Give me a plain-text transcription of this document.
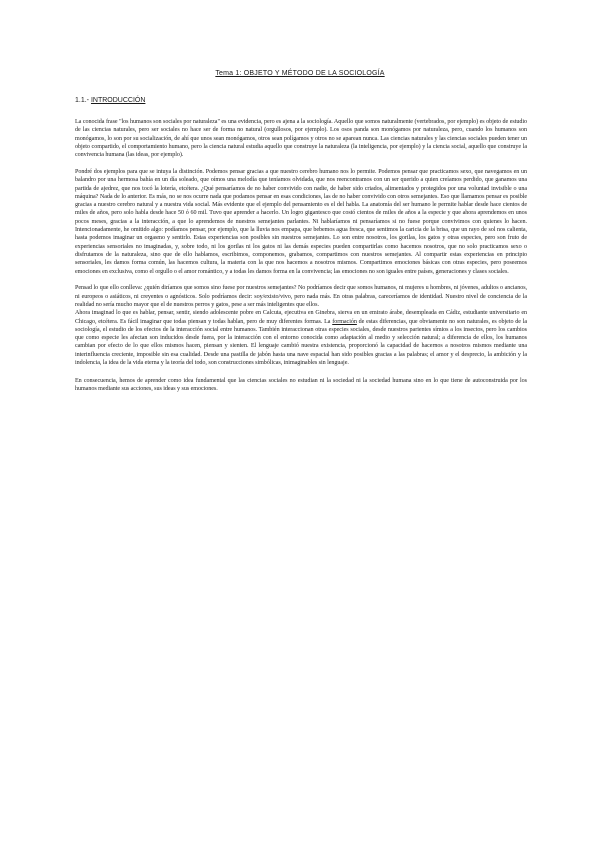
Tema 1: OBJETO Y MÉTODO DE LA SOCIOLOGÍA
1.1.- INTRODUCCIÓN

La conocida frase "los humanos son sociales por naturaleza" es una evidencia, pero es ajena a la sociología. Aquello que somos naturalmente (vertebrados, por ejemplo) es objeto de estudio de las ciencias naturales, pero ser sociales no hace ser de forma no natural (orgullosos, por ejemplo). Los osos panda son monógamos por naturaleza, pero, cuando los humanos son monógamos, lo son por su socialización, de ahí que unos sean monógamos, otros sean polígamos y otros no se aparean nunca. Las ciencias naturales y las ciencias sociales pueden tener un objeto compartido, el comportamiento humano, pero la ciencia natural estudia aquello que construye la naturaleza (la inteligencia, por ejemplo) y la ciencia social, aquello que construye la convivencia humana (las ideas, por ejemplo).

Pondré dos ejemplos para que se intuya la distinción. Podemos pensar gracias a que nuestro cerebro humano nos lo permite. Podemos pensar que practicamos sexo, que navegamos en un balandro por una hermosa bahía en un día soleado, que oímos una melodía que teníamos olvidada, que nos reencontramos con un ser querido a quien creíamos perdido, que ganamos una partida de ajedrez, que nos tocó la lotería, etcétera. ¿Qué pensaríamos de no haber convivido con nadie, de haber sido criados, alimentados y protegidos por una voluntad invisible o una máquina? Nada de lo anterior. Es más, no se nos ocurre nada que podamos pensar en esas condiciones, las de no haber convivido con otros semejantes. Eso que llamamos pensar es posible gracias a nuestro cerebro natural y a nuestra vida social. Más evidente que el ejemplo del pensamiento es el del habla. La anatomía del ser humano le permite hablar desde hace cientos de miles de años, pero solo habla desde hace 50 ó 60 mil. Tuvo que aprender a hacerlo. Un logro gigantesco que costó cientos de miles de años a la especie y que ahora aprendemos en unos pocos meses, gracias a la interacción, a que lo aprendemos de nuestros semejantes parlantes. Ni hablaríamos ni pensaríamos si no fuese porque convivimos con quienes lo hacen. Intencionadamente, he omitido algo: podíamos pensar, por ejemplo, que la lluvia nos empapa, que bebemos agua fresca, que sentimos la caricia de la brisa, que un rayo de sol nos calienta, hasta podemos imaginar un orgasmo y sentirlo. Estas experiencias son posibles sin nuestros semejantes. Lo son entre nosotros, los gorilas, los gatos y otras especies, pero son fruto de experiencias sensoriales no imaginadas, y, sobre todo, ni los gorilas ni los gatos ni las demás especies pueden compartirlas como hacemos nosotros, que no solo practicamos sexo o disfrutamos de la naturaleza, sino que de ello hablamos, escribimos, componemos, grabamos, compartimos con nuestros semejantes. Al compartir estas experiencias en principio sensoriales, les damos forma común, las hacemos cultura, la materia con la que nos hacemos a nosotros mismos. Compartimos emociones básicas con otras especies, pero poseemos emociones en exclusiva, como el orgullo o el amor romántico, y a todas les damos forma en la convivencia; las emociones no son iguales entre países, generaciones y clases sociales.

Pensad lo que ello conlleva: ¿quién diríamos que somos sino fuese por nuestros semejantes? No podríamos decir que somos humanos, ni mujeres u hombres, ni jóvenes, adultos o ancianos, ni europeos o asiáticos, ni creyentes o agnósticos. Solo podríamos decir: soy/existo/vivo, pero nada más. En otras palabras, careceríamos de identidad. Nuestro nivel de conciencia de la realidad no sería mucho mayor que el de nuestros perros y gatos, pese a ser más inteligentes que ellos.

Ahora imaginad lo que es hablar, pensar, sentir, siendo adolescente pobre en Calcuta, ejecutiva en Ginebra, sierva en un emirato árabe, desempleada en Cádiz, estudiante universitario en Chicago, etcétera. Es fácil imaginar que todas piensan y todas hablan, pero de muy diferentes formas. La formación de estas diferencias, que obviamente no son naturales, es objeto de la sociología, el estudio de los efectos de la interacción social entre humanos. También interaccionan otras especies sociales, desde nuestros parientes símios a los insectos, pero los cambios que como especie les afectan son inducidos desde fuera, por la interacción con el entorno conocida como adaptación al medio y selección natural; a diferencia de ellos, los humanos cambian por efecto de lo que ellos mismos hacen, piensan y sienten. El lenguaje cambió nuestra existencia, proporcionó la capacidad de hacernos a nosotros mismos mediante una interinfluencia creciente, imposible sin esa cualidad. Desde una pastilla de jabón hasta una nave espacial han sido posibles gracias a las palabras; el amor y el desprecio, la ambición y la indolencia, la idea de la vida eterna y la teoría del todo, son construcciones simbólicas, inimaginables sin lenguaje.

En consecuencia, hemos de aprender como idea fundamental que las ciencias sociales no estudian ni la sociedad ni la sociedad humana sino en lo que tiene de autoconstruida por los humanos mediante sus acciones, sus ideas y sus emociones.
